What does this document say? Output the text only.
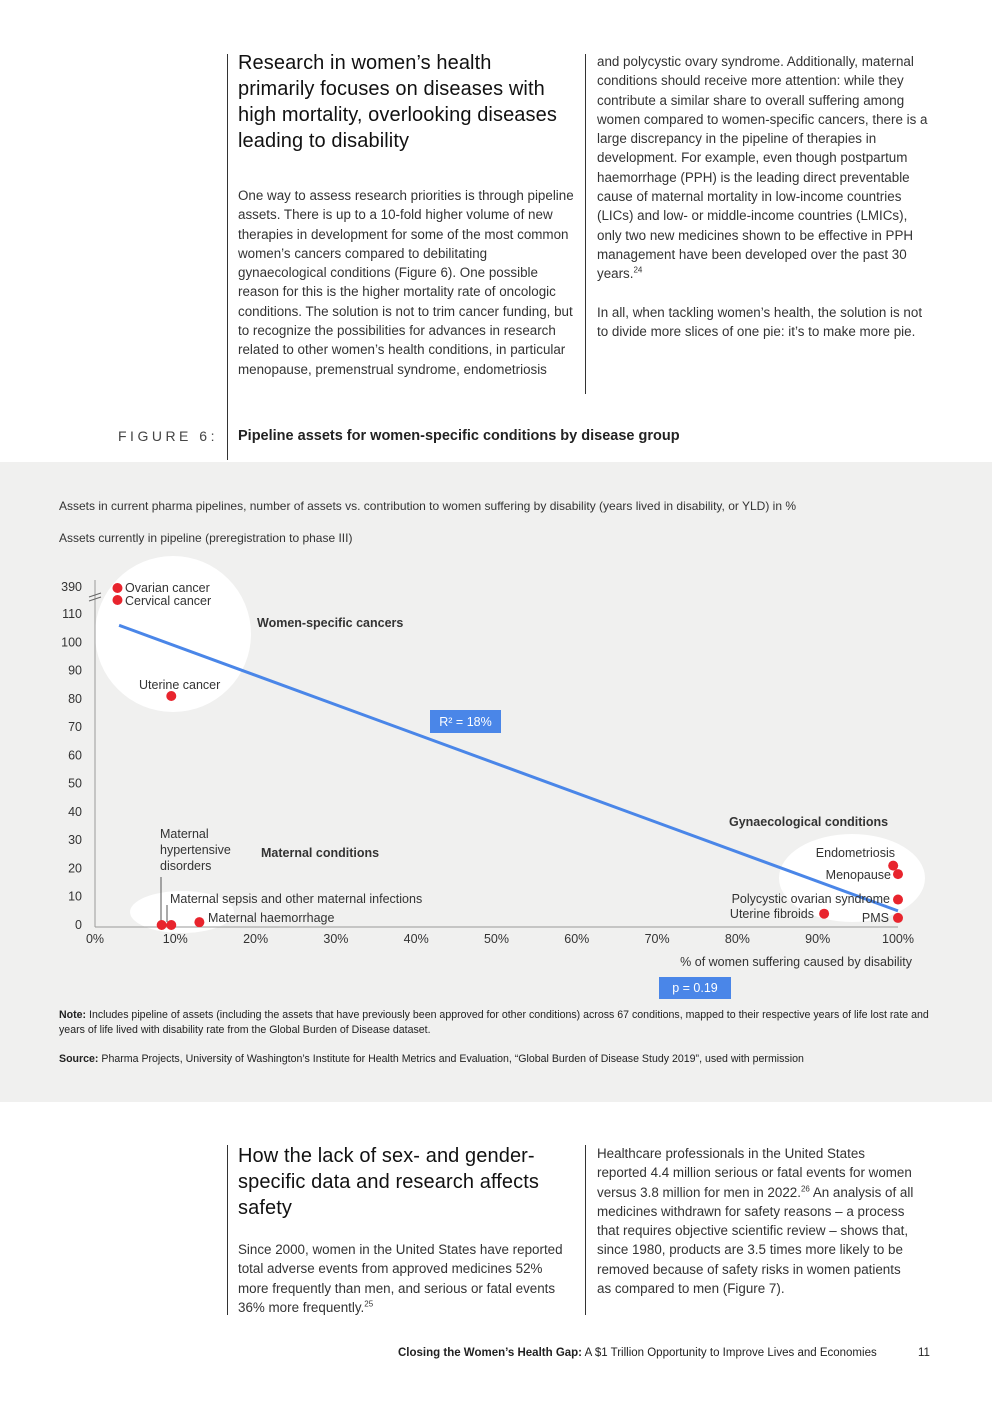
Research in women’s health primarily focuses on diseases with high mortality, overlooking diseases leading to disability

One way to assess research priorities is through pipeline assets. There is up to a 10-fold higher volume of new therapies in development for some of the most common women’s cancers compared to debilitating gynaecological conditions (Figure 6). One possible reason for this is the higher mortality rate of oncologic conditions. The solution is not to trim cancer funding, but to recognize the possibilities for advances in research related to other women’s health conditions, in particular menopause, premenstrual syndrome, endometriosis

and polycystic ovary syndrome. Additionally, maternal conditions should receive more attention: while they contribute a similar share to overall suffering among women compared to women-specific cancers, there is a large discrepancy in the pipeline of therapies in development. For example, even though postpartum haemorrhage (PPH) is the leading direct preventable cause of maternal mortality in low-income countries (LICs) and low- or middle-income countries (LMICs), only two new medicines shown to be effective in PPH management have been developed over the past 30 years.$^{24}$

In all, when tackling women’s health, the solution is not to divide more slices of one pie: it’s to make more pie.

FIGURE 6: Pipeline assets for women-specific conditions by disease group
Assets in current pharma pipelines, number of assets vs. contribution to women suffering by disability (years lived in disability, or YLD) in %
Assets currently in pipeline (preregistration to phase III)
0
10
20
30
40
50
60
70
80
90
100
110
390
0%	10%	20%	30%	40%	50%	60%	70%	80%	90%	100%
R² = 18%
Ovarian cancer
Cervical cancer
Uterine cancer
Maternal hypertensive disorders
Maternal sepsis and other maternal infections
Maternal haemorrhage
Endometriosis
Menopause
Polycystic ovarian syndrome
Uterine fibroids	PMS
Women-specific cancers
Maternal conditions
Gynaecological conditions
% of women suffering caused by disability
p = 0.19
Note: Includes pipeline of assets (including the assets that have previously been approved for other conditions) across 67 conditions, mapped to their respective years of life lost rate and years of life lived with disability rate from the Global Burden of Disease dataset.
Source: Pharma Projects, University of Washington’s Institute for Health Metrics and Evaluation, “Global Burden of Disease Study 2019”, used with permission
How the lack of sex- and gender-specific data and research affects safety

Since 2000, women in the United States have reported total adverse events from approved medicines 52% more frequently than men, and serious or fatal events 36% more frequently.$^{25}$

Healthcare professionals in the United States reported 4.4 million serious or fatal events for women versus 3.8 million for men in 2022.26 An analysis of all medicines withdrawn for safety reasons – a process that requires objective scientific review – shows that, since 1980, products are 3.5 times more likely to be removed because of safety risks in women patients as compared to men (Figure 7).

Closing the Women’s Health Gap: A $1 Trillion Opportunity to Improve Lives and Economies	11
